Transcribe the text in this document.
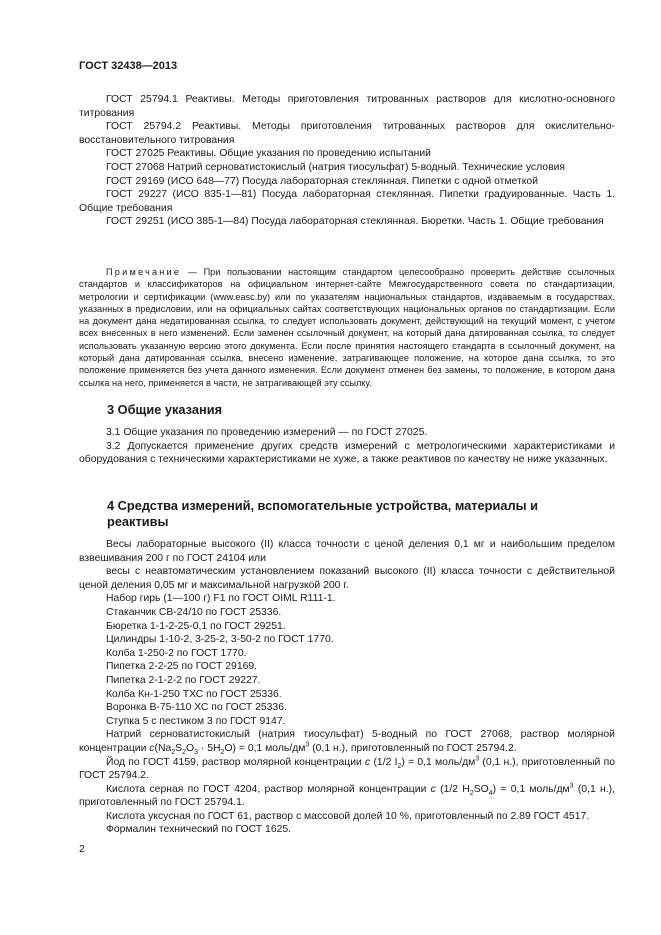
ГОСТ 32438—2013

ГОСТ 25794.1 Реактивы. Методы приготовления титрованных растворов для кислотно-основного титрования

ГОСТ 25794.2 Реактивы. Методы приготовления титрованных растворов для окислительно-восстановительного титрования

ГОСТ 27025 Реактивы. Общие указания по проведению испытаний

ГОСТ 27068 Натрий серноватистокислый (натрия тиосульфат) 5-водный. Технические условия

ГОСТ 29169 (ИСО 648—77) Посуда лабораторная стеклянная. Пипетки с одной отметкой

ГОСТ 29227 (ИСО 835-1—81) Посуда лабораторная стеклянная. Пипетки градуированные. Часть 1. Общие требования

ГОСТ 29251 (ИСО 385-1—84) Посуда лабораторная стеклянная. Бюретки. Часть 1. Общие требования

Примечание — При пользовании настоящим стандартом целесообразно проверить действие ссылочных стандартов и классификаторов на официальном интернет-сайте Межгосударственного совета по стандартизации, метрологии и сертификации (www.easc.by) или по указателям национальных стандартов, издаваемым в государствах, указанных в предисловии, или на официальных сайтах соответствующих национальных органов по стандартизации. Если на документ дана недатированная ссылка, то следует использовать документ, действующий на текущий момент, с учетом всех внесенных в него изменений. Если заменен ссылочный документ, на который дана датированная ссылка, то следует использовать указанную версию этого документа. Если после принятия настоящего стандарта в ссылочный документ, на который дана датированная ссылка, внесено изменение, затрагивающее положение, на которое дана ссылка, то это положение применяется без учета данного изменения. Если документ отменен без замены, то положение, в котором дана ссылка на него, применяется в части, не затрагивающей эту ссылку.

3 Общие указания

3.1 Общие указания по проведению измерений — по ГОСТ 27025.

3.2 Допускается применение других средств измерений с метрологическими характеристиками и оборудования с техническими характеристиками не хуже, а также реактивов по качеству не ниже указанных.

4 Средства измерений, вспомогательные устройства, материалы и
реактивы

Весы лабораторные высокого (II) класса точности с ценой деления 0,1 мг и наибольшим пределом взвешивания 200 г по ГОСТ 24104 или

весы с неавтоматическим установлением показаний высокого (II) класса точности с действительной ценой деления 0,05 мг и максимальной нагрузкой 200 г.

Набор гирь (1—100 г) F1 по ГОСТ OIML R111-1.

Стаканчик СВ-24/10 по ГОСТ 25336.

Бюретка 1-1-2-25-0,1 по ГОСТ 29251.

Цилиндры 1-10-2, 3-25-2, 3-50-2 по ГОСТ 1770.

Колба 1-250-2 по ГОСТ 1770.

Пипетка 2-2-25 по ГОСТ 29169.

Пипетка 2-1-2-2 по ГОСТ 29227.

Колба Кн-1-250 ТХС по ГОСТ 25336.

Воронка В-75-110 ХС по ГОСТ 25336.

Ступка 5 с пестиком 3 по ГОСТ 9147.

Натрий серноватистокислый (натрия тиосульфат) 5-водный по ГОСТ 27068, раствор молярной концентрации $c(Na_2S_2O_3 \cdot 5H_2O) = 0,1$ моль/$дм^3$ (0,1 н.), приготовленный по ГОСТ 25794.2.

Йод по ГОСТ 4159, раствор молярной концентрации c (1/2 $I_2) = 0,1$ моль/$дм^3$ (0,1 н.), приготовленный по ГОСТ 25794.2.

Кислота серная по ГОСТ 4204, раствор молярной концентрации c (1/2 $H_2SO_4) = 0,1$ моль/$дм^3$ (0,1 н.), приготовленный по ГОСТ 25794.1.

Кислота уксусная по ГОСТ 61, раствор с массовой долей 10 %, приготовленный по 2.89 ГОСТ 4517.

Формалин технический по ГОСТ 1625.

2
